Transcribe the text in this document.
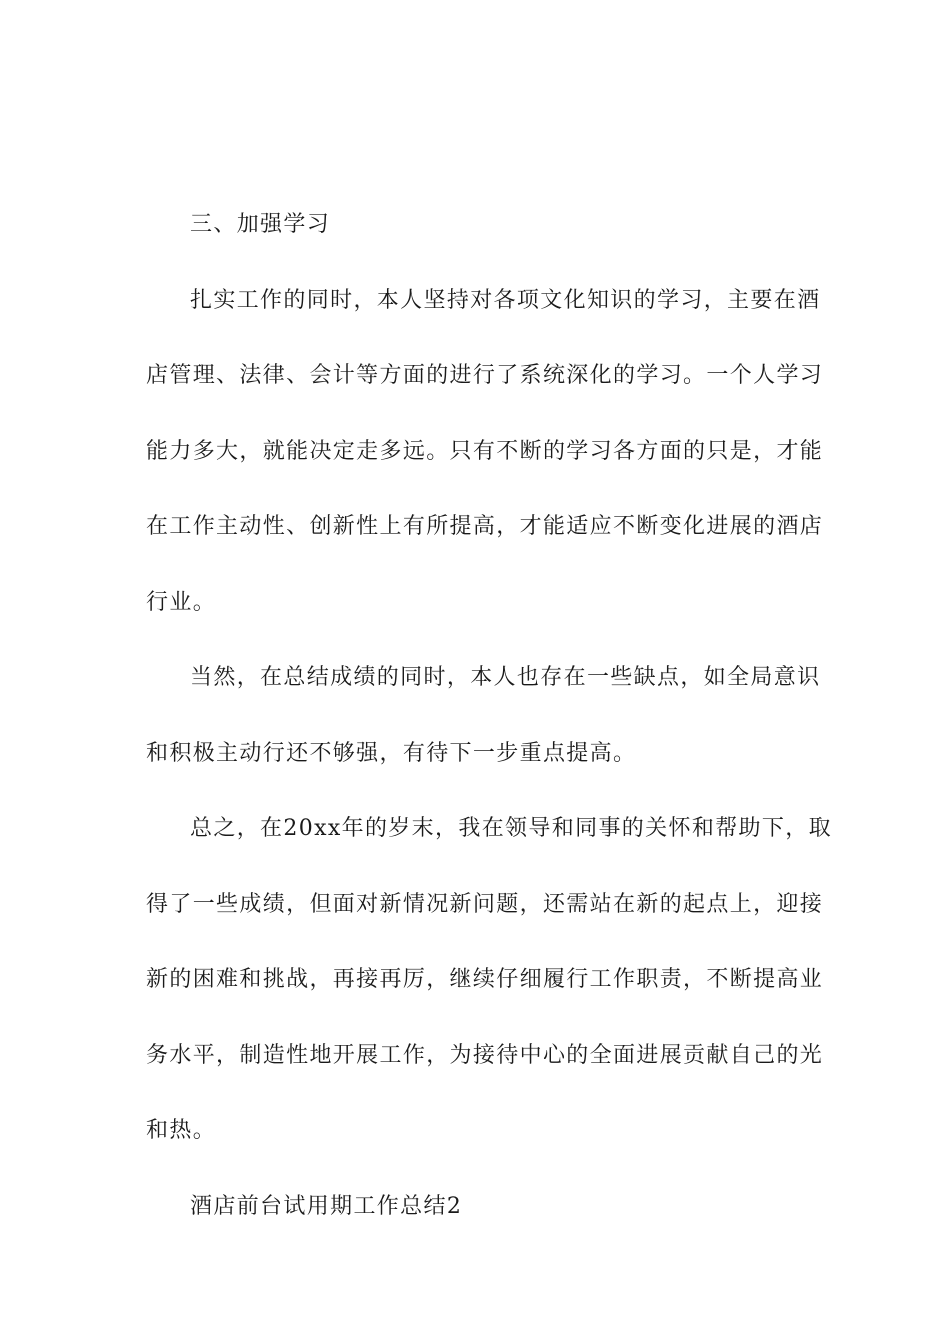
三、加强学习
扎实工作的同时，本人坚持对各项文化知识的学习，主要在酒
店管理、法律、会计等方面的进行了系统深化的学习。一个人学习
能力多大，就能决定走多远。只有不断的学习各方面的只是，才能
在工作主动性、创新性上有所提高，才能适应不断变化进展的酒店
行业。
当然，在总结成绩的同时，本人也存在一些缺点，如全局意识
和积极主动行还不够强，有待下一步重点提高。
总之，在20xx年的岁末，我在领导和同事的关怀和帮助下，取
得了一些成绩，但面对新情况新问题，还需站在新的起点上，迎接
新的困难和挑战，再接再厉，继续仔细履行工作职责，不断提高业
务水平，制造性地开展工作，为接待中心的全面进展贡献自己的光
和热。
酒店前台试用期工作总结2
